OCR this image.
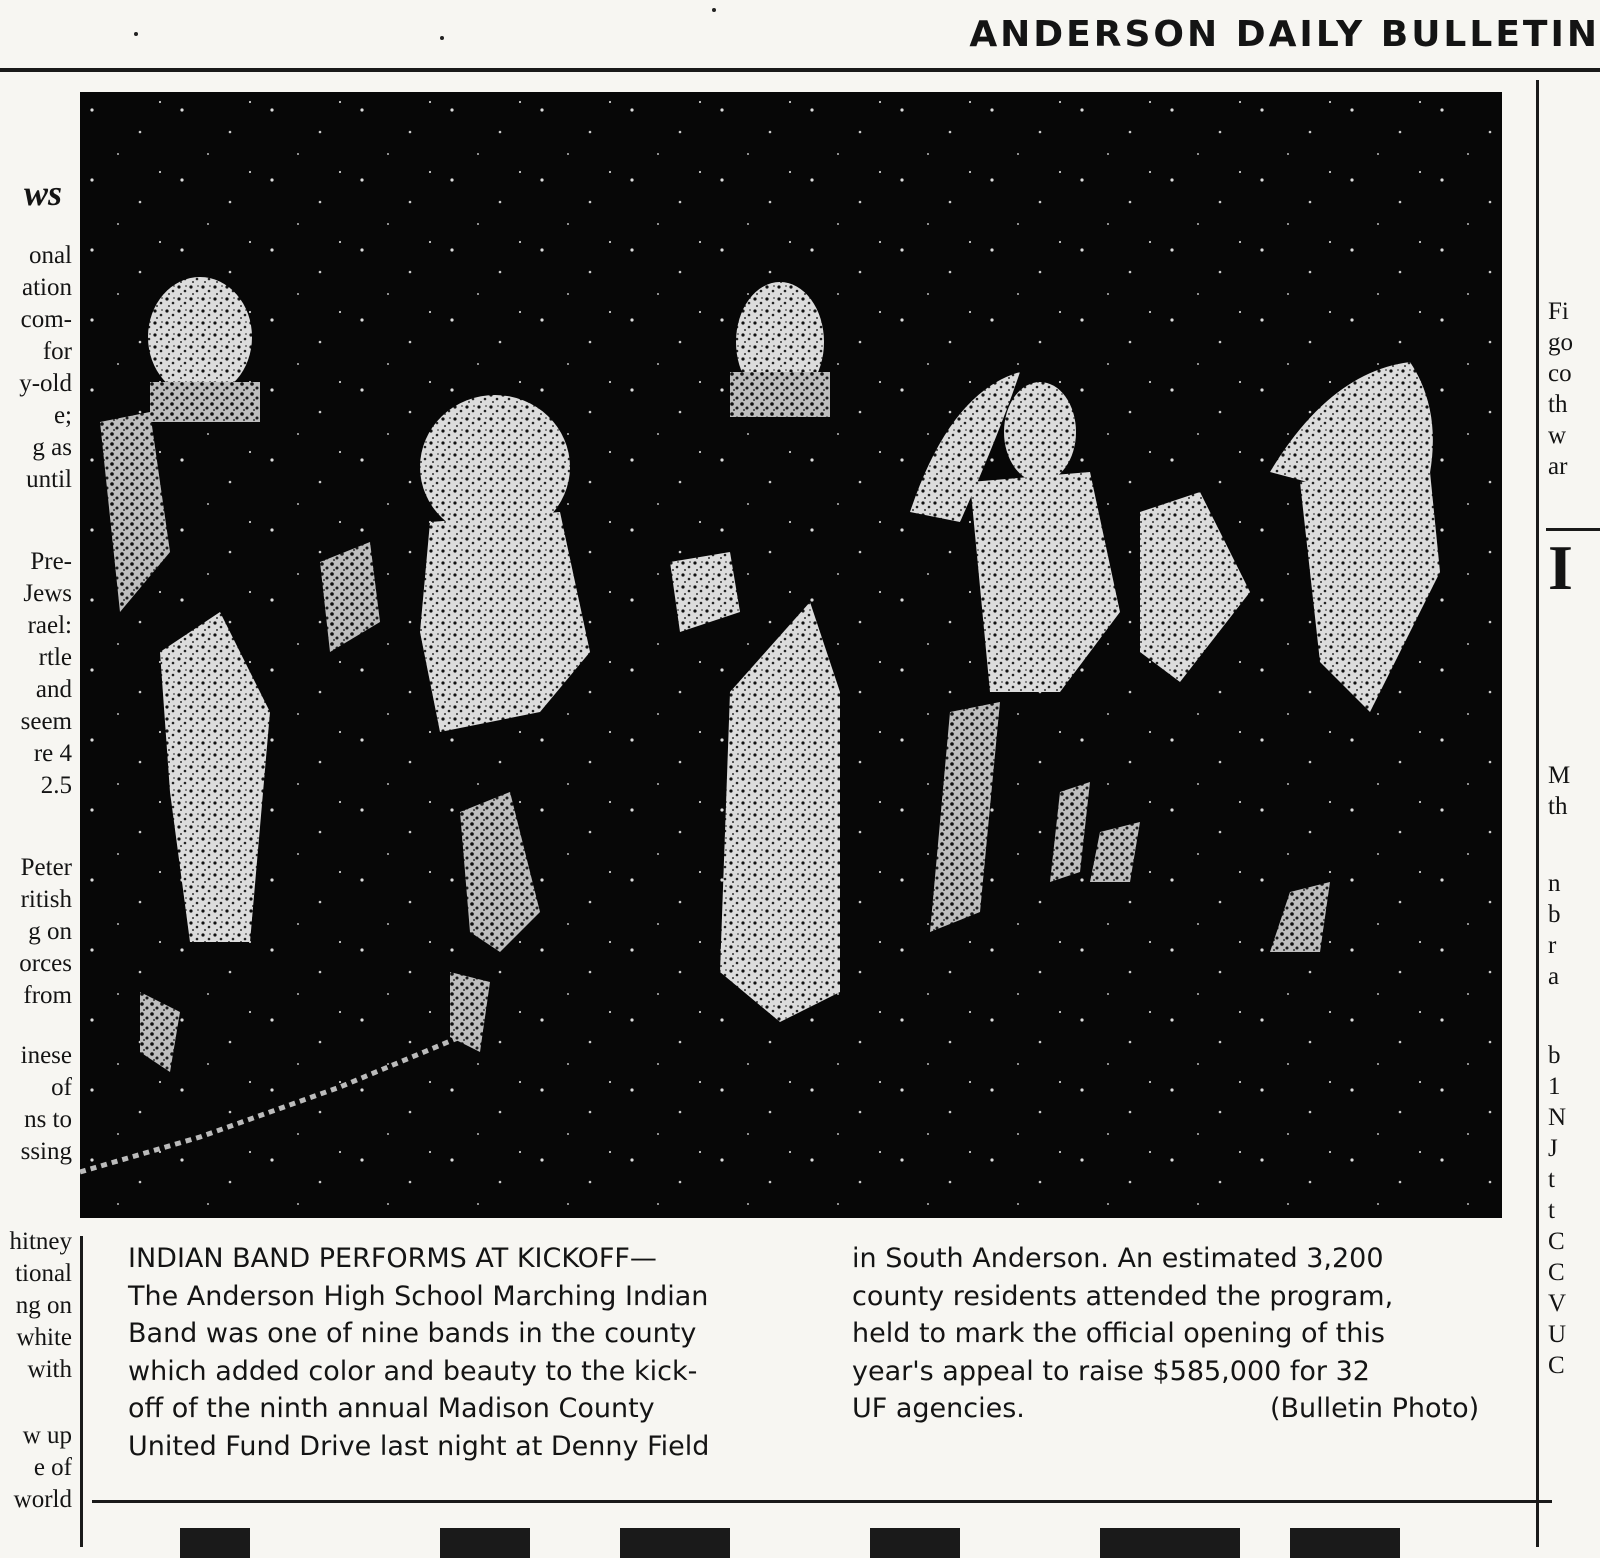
ANDERSON DAILY BULLETIN
ws
onal
ation
com-
for
y-old
e;
g as
until
Pre-
Jews
rael:
rtle
and
seem
re 4
2.5
Peter
ritish
g on
orces
from
inese
of
ns to
ssing
hitney
tional
ng on
white
with
w up
e of
world
INDIAN BAND PERFORMS AT KICKOFF—
The Anderson High School Marching Indian
Band was one of nine bands in the county
which added color and beauty to the kick-
off of the ninth annual Madison County
United Fund Drive last night at Denny Field
in South Anderson. An estimated 3,200
county residents attended the program,
held to mark the official opening of this
year's appeal to raise $585,000 for 32
UF agencies.	(Bulletin Photo)
I
Fi
go
co
th
w
ar
M
th
n
b
r
a
b
1
N
J
t
t
C
C
V
U
C
